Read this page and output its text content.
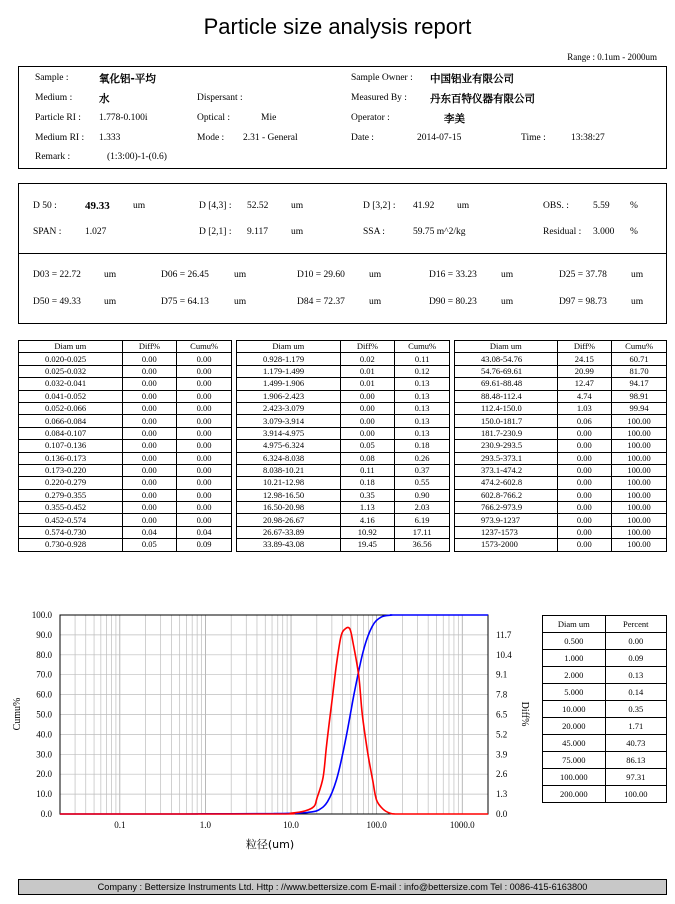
Particle size analysis report
Range : 0.1um - 2000um
Sample :	氧化铝-平均	Sample Owner : 中国铝业有限公司
Medium :	水	Dispersant :	Measured By : 丹东百特仪器有限公司
Particle RI : 1.778-0.100i	Optical :	Mie	Operator :	李美
Medium RI : 1.333	Mode : 2.31 - General	Date :	2014-07-15	Time :	13:38:27
Remark :	(1:3:00)-1-(0.6)
D 50 :	49.33 um	D [4,3] : 52.52 um	D [3,2] : 41.92 um	OBS. :	5.59 %
SPAN : 1.027	D [2,1] : 9.117 um	SSA :	59.75 m^2/kg	Residual : 3.000 %
D03 = 22.72 um	D06 = 26.45	um	D10 = 29.60	um	D16 = 33.23	um	D25 = 37.78	um
D50 = 49.33 um	D75 = 64.13	um	D84 = 72.37	um	D90 = 80.23	um	D97 = 98.73	um
Diam um	Diff%	Cumu%
0.020-0.025	0.00	0.00
0.025-0.032	0.00	0.00
0.032-0.041	0.00	0.00
0.041-0.052	0.00	0.00
0.052-0.066	0.00	0.00
0.066-0.084	0.00	0.00
0.084-0.107	0.00	0.00
0.107-0.136	0.00	0.00
0.136-0.173	0.00	0.00
0.173-0.220	0.00	0.00
0.220-0.279	0.00	0.00
0.279-0.355	0.00	0.00
0.355-0.452	0.00	0.00
0.452-0.574	0.00	0.00
0.574-0.730	0.04	0.04
0.730-0.928	0.05	0.09
Diam um	Diff%	Cumu%
0.928-1.179	0.02	0.11
1.179-1.499	0.01	0.12
1.499-1.906	0.01	0.13
1.906-2.423	0.00	0.13
2.423-3.079	0.00	0.13
3.079-3.914	0.00	0.13
3.914-4.975	0.00	0.13
4.975-6.324	0.05	0.18
6.324-8.038	0.08	0.26
8.038-10.21	0.11	0.37
10.21-12.98	0.18	0.55
12.98-16.50	0.35	0.90
16.50-20.98	1.13	2.03
20.98-26.67	4.16	6.19
26.67-33.89	10.92	17.11
33.89-43.08	19.45	36.56
Diam um	Diff%	Cumu%
43.08-54.76	24.15	60.71
54.76-69.61	20.99	81.70
69.61-88.48	12.47	94.17
88.48-112.4	4.74	98.91
112.4-150.0	1.03	99.94
150.0-181.7	0.06	100.00
181.7-230.9	0.00	100.00
230.9-293.5	0.00	100.00
293.5-373.1	0.00	100.00
373.1-474.2	0.00	100.00
474.2-602.8	0.00	100.00
602.8-766.2	0.00	100.00
766.2-973.9	0.00	100.00
973.9-1237	0.00	100.00
1237-1573	0.00	100.00
1573-2000	0.00	100.00
0.0
10.0
20.0
30.0
40.0
50.0
60.0
70.0
80.0
90.0
100.0
0.0
1.3
2.6
3.9
5.2
6.5
7.8
9.1
10.4
11.7
0.1	1.0	10.0	100.0	1000.0
Cumu%	Diff%
粒径(um)
Diam um	Percent
0.500	0.00
1.000	0.09
2.000	0.13
5.000	0.14
10.000	0.35
20.000	1.71
45.000	40.73
75.000	86.13
100.000	97.31
200.000	100.00
Company : Bettersize Instruments Ltd. Http : //www.bettersize.com E-mail : info@bettersize.com Tel : 0086-415-6163800
